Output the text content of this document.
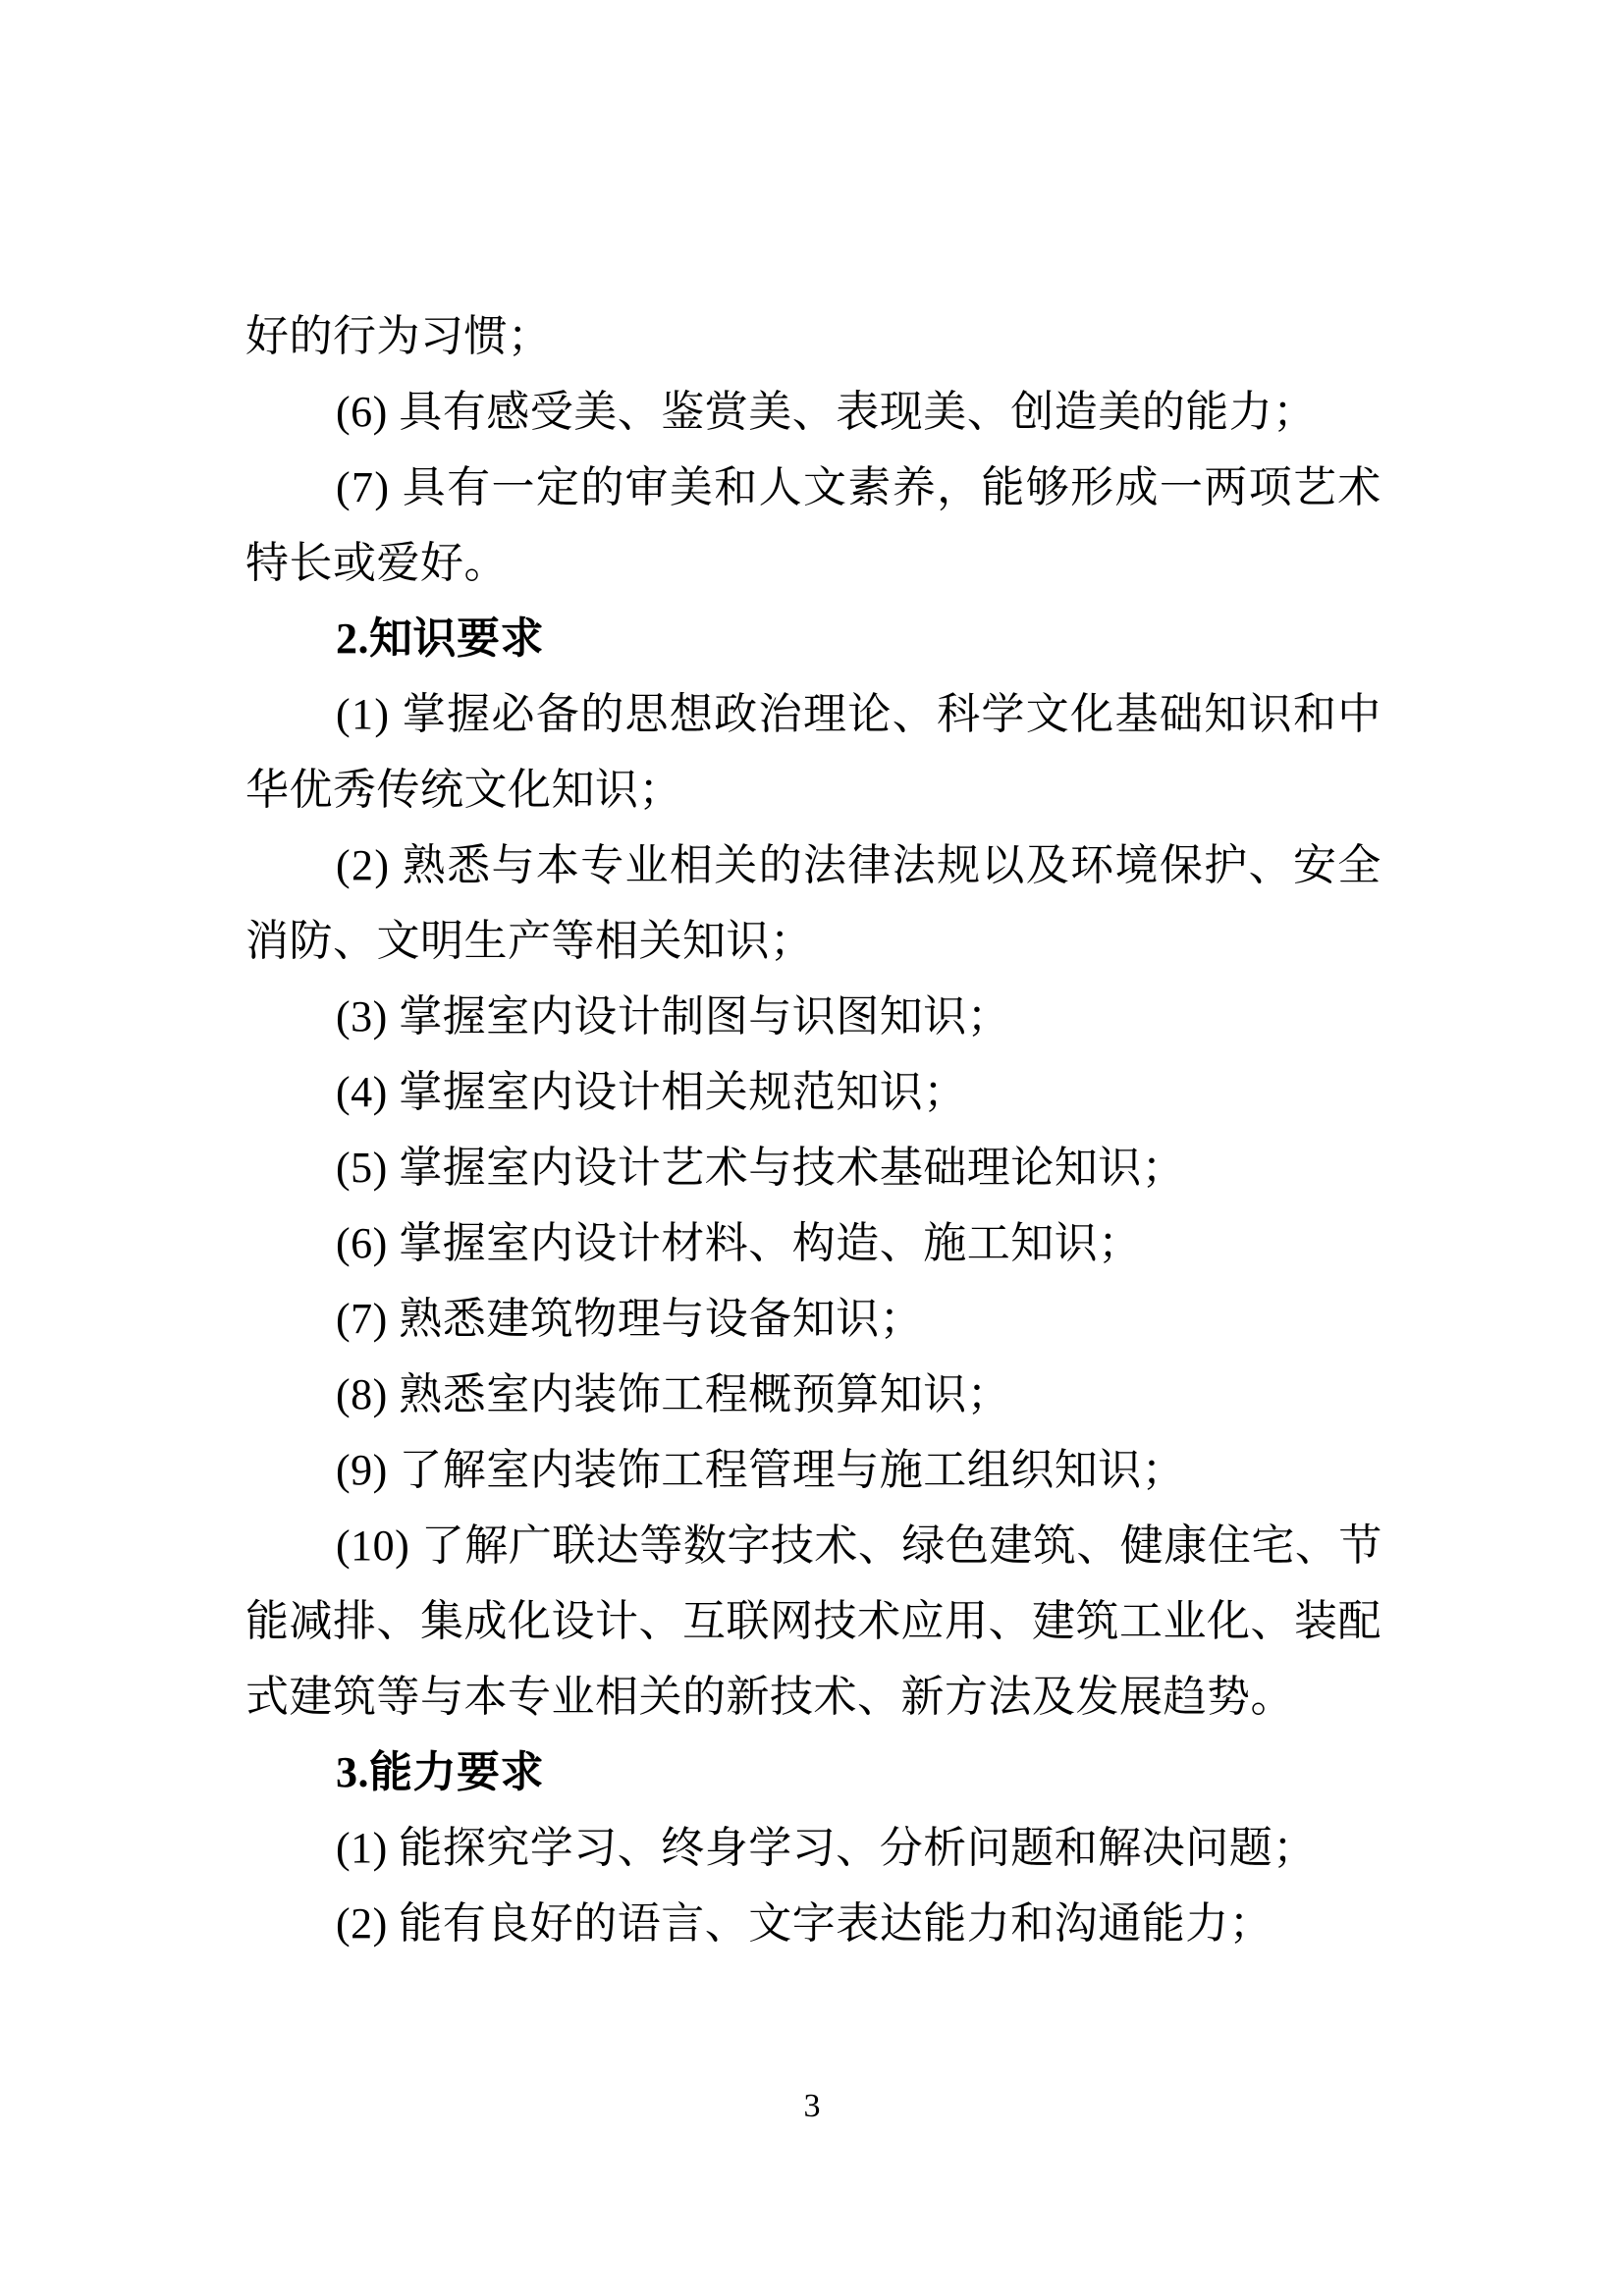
好的行为习惯；
(6) 具有感受美、鉴赏美、表现美、创造美的能力；
( 7 )
具 有 一 定 的 审 美 和 人 文 素 养 ， 能 够 形 成 一 两 项 艺 术
特长或爱好。
2.知识要求
( 1 )
掌 握 必 备 的 思 想 政 治 理 论 、 科 学 文 化 基 础 知 识 和 中
华优秀传统文化知识；
( 2 )
熟 悉 与 本 专 业 相 关 的 法 律 法 规 以 及 环 境 保 护 、 安 全
消防、文明生产等相关知识；
(3) 掌握室内设计制图与识图知识；
(4) 掌握室内设计相关规范知识；
(5) 掌握室内设计艺术与技术基础理论知识；
(6) 掌握室内设计材料、构造、施工知识；
(7) 熟悉建筑物理与设备知识；
(8) 熟悉室内装饰工程概预算知识；
(9) 了解室内装饰工程管理与施工组织知识；
( 1 0 )
了 解 广 联 达 等 数 字 技 术 、 绿 色 建 筑 、 健 康 住 宅 、 节
能 减 排 、 集 成 化 设 计 、 互 联 网 技 术 应 用 、 建 筑 工 业 化 、 装 配
式建筑等与本专业相关的新技术、新方法及发展趋势。
3.能力要求
(1) 能探究学习、终身学习、分析问题和解决问题；
(2) 能有良好的语言、文字表达能力和沟通能力；
3
